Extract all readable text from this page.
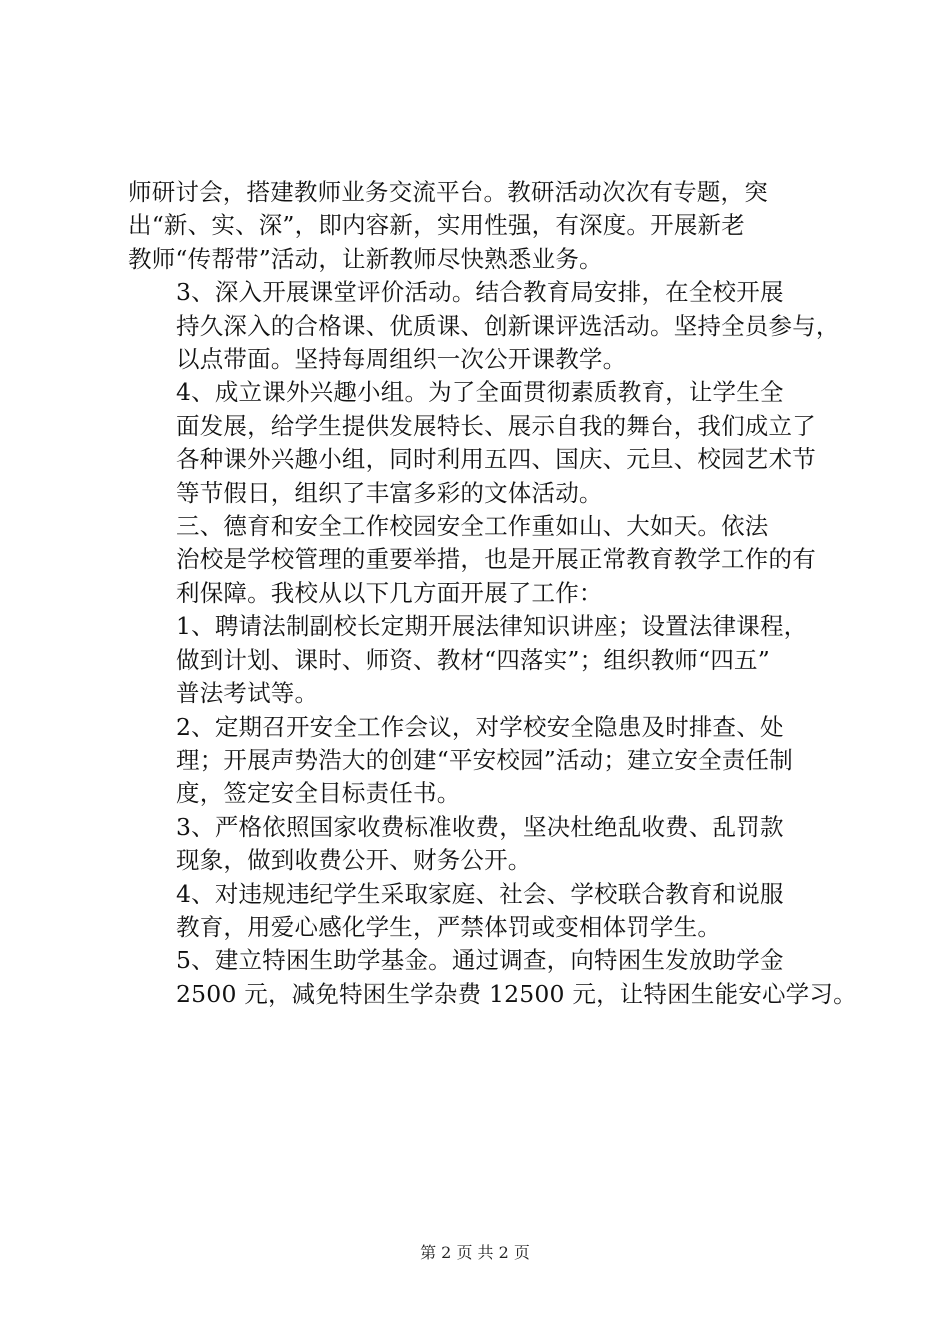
师研讨会，搭建教师业务交流平台。教研活动次次有专题，突
出“新、实、深”，即内容新，实用性强，有深度。开展新老
教师“传帮带”活动，让新教师尽快熟悉业务。

3、深入开展课堂评价活动。结合教育局安排，在全校开展
持久深入的合格课、优质课、创新课评选活动。坚持全员参与，
以点带面。坚持每周组织一次公开课教学。

4、成立课外兴趣小组。为了全面贯彻素质教育，让学生全
面发展，给学生提供发展特长、展示自我的舞台，我们成立了
各种课外兴趣小组，同时利用五四、国庆、元旦、校园艺术节
等节假日，组织了丰富多彩的文体活动。

三、德育和安全工作校园安全工作重如山、大如天。依法
治校是学校管理的重要举措，也是开展正常教育教学工作的有
利保障。我校从以下几方面开展了工作：

1、聘请法制副校长定期开展法律知识讲座；设置法律课程，
做到计划、课时、师资、教材“四落实”；组织教师“四五”
普法考试等。

2、定期召开安全工作会议，对学校安全隐患及时排查、处
理；开展声势浩大的创建“平安校园”活动；建立安全责任制
度，签定安全目标责任书。

3、严格依照国家收费标准收费，坚决杜绝乱收费、乱罚款
现象，做到收费公开、财务公开。

4、对违规违纪学生采取家庭、社会、学校联合教育和说服
教育，用爱心感化学生，严禁体罚或变相体罚学生。

5、建立特困生助学基金。通过调查，向特困生发放助学金
2500 元，减免特困生学杂费 12500 元，让特困生能安心学习。

第 2 页 共 2 页
